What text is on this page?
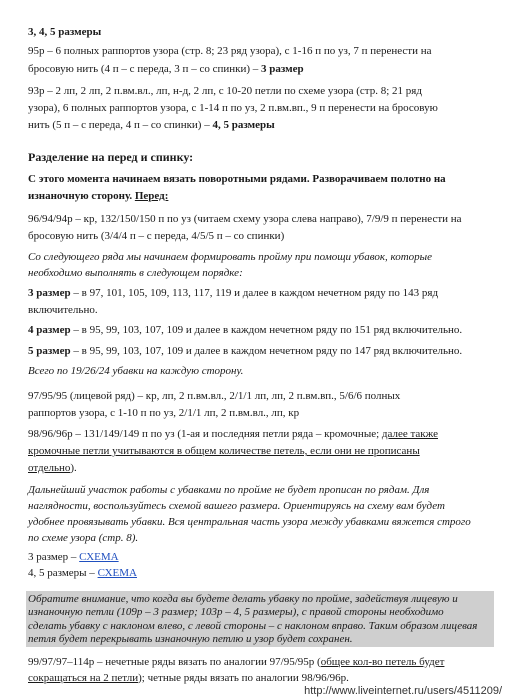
3, 4, 5 размеры
95р – 6 полных раппортов узора (стр. 8; 23 ряд узора), с 1-16 п по уз, 7 п перенести на
бросовую нить (4 п – с переда, 3 п – со спинки) – 3 размер
93р – 2 лп, 2 лп, 2 п.вм.вл., лп, н-д, 2 лп, с 10-20 петли по схеме узора (стр. 8; 21 ряд
узора), 6 полных раппортов узора, с 1-14 п по уз, 2 п.вм.вп., 9 п перенести на бросовую
нить (5 п – с переда, 4 п – со спинки) – 4, 5 размеры
Разделение на перед и спинку:
С этого момента начинаем вязать поворотными рядами. Разворачиваем полотно на
изнаночную сторону. Перед:
96/94/94р – кр, 132/150/150 п по уз (читаем схему узора слева направо), 7/9/9 п перенести на
бросовую нить (3/4/4 п – с переда, 4/5/5 п – со спинки)
Со следующего ряда мы начинаем формировать пройму при помощи убавок, которые
необходимо выполнять в следующем порядке:
3 размер – в 97, 101, 105, 109, 113, 117, 119 и далее в каждом нечетном ряду по 143 ряд
включительно.
4 размер – в 95, 99, 103, 107, 109 и далее в каждом нечетном ряду по 151 ряд включительно.
5 размер – в 95, 99, 103, 107, 109 и далее в каждом нечетном ряду по 147 ряд включительно.
Всего по 19/26/24 убавки на каждую сторону.
97/95/95 (лицевой ряд) – кр, лп, 2 п.вм.вл., 2/1/1 лп, лп, 2 п.вм.вп., 5/6/6 полных
раппортов узора, с 1-10 п по уз, 2/1/1 лп, 2 п.вм.вл., лп, кр
98/96/96р – 131/149/149 п по уз (1-ая и последняя петли ряда – кромочные; далее также
кромочные петли учитываются в общем количестве петель, если они не прописаны
отдельно).
Дальнейший участок работы с убавками по пройме не будет прописан по рядам. Для
наглядности, воспользуйтесь схемой вашего размера. Ориентируясь на схему вам будет
удобнее провязывать убавки. Вся центральная часть узора между убавками вяжется строго
по схеме узора (стр. 8).
3 размер – СХЕМА
4, 5 размеры – СХЕМА
Обратите внимание, что когда вы будете делать убавку по пройме, задействуя лицевую и
изнаночную петли (109р – 3 размер; 103р – 4, 5 размеры), с правой стороны необходимо
сделать убавку с наклоном влево, с левой стороны – с наклоном вправо. Таким образом лицевая
петля будет перекрывать изнаночную петлю и узор будет сохранен.
99/97/97–114р – нечетные ряды вязать по аналогии 97/95/95р (общее кол-во петель будет
сокращаться на 2 петли); четные ряды вязать по аналогии 98/96/96р.
http://www.liveinternet.ru/users/4511209/
